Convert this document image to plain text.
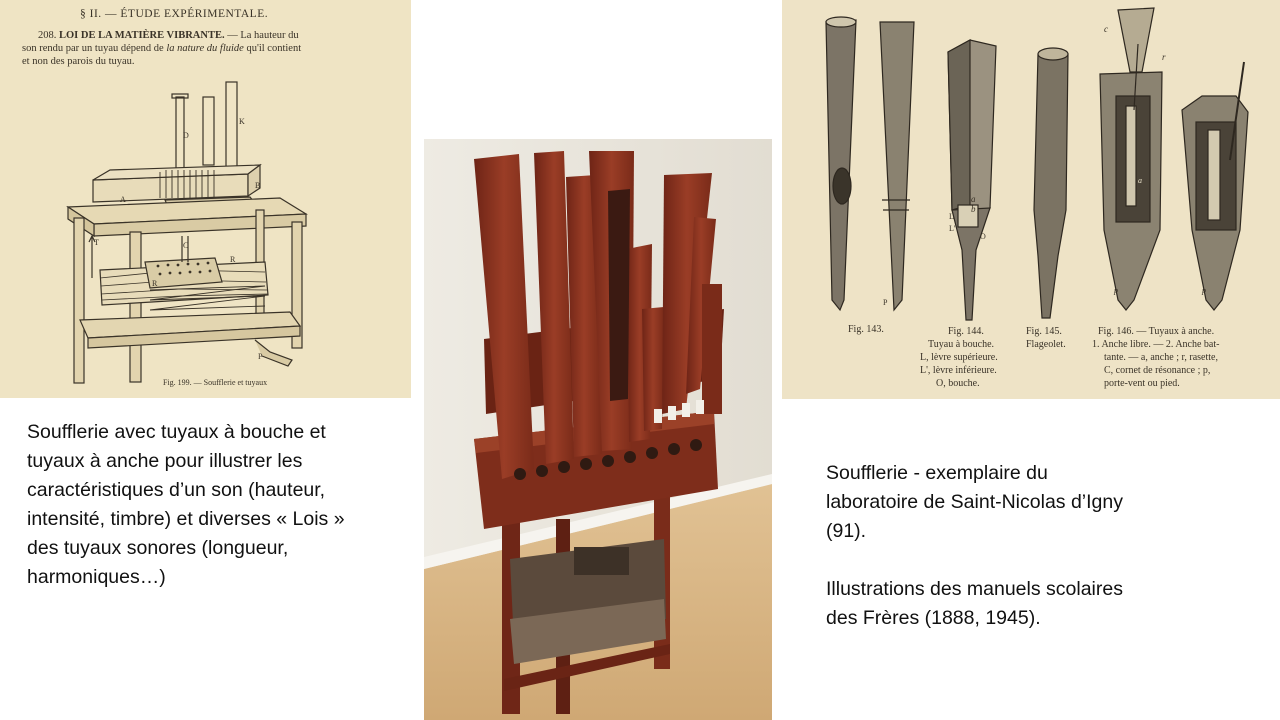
§ II. — ÉTUDE EXPÉRIMENTALE.
208. LOI DE LA MATIÈRE VIBRANTE. — La hauteur du
son rendu par un tuyau dépend de la nature du fluide qu'il contient
et non des parois du tuyau.
D
K
A
B
T	C
R
R
P
Fig. 199. — Soufflerie et tuyaux
a
b
c
r
L
L'
O
P
p	p
a
Fig. 143.	Fig. 144.
Tuyau à bouche.
L, lèvre supérieure.
L', lèvre inférieure.
O, bouche.
Fig. 145.
Flageolet.
Fig. 146. — Tuyaux à anche.
1. Anche libre. — 2. Anche bat-
tante. — a, anche ; r, rasette,
C, cornet de résonance ; p,
porte-vent ou pied.

Soufflerie avec tuyaux à bouche et

tuyaux à anche pour illustrer les

caractéristiques d’un son (hauteur,

intensité, timbre) et diverses « Lois »

des tuyaux sonores (longueur,

harmoniques…)

Soufflerie - exemplaire du

laboratoire de Saint-Nicolas d’Igny

(91).

Illustrations des manuels scolaires

des Frères (1888, 1945).
